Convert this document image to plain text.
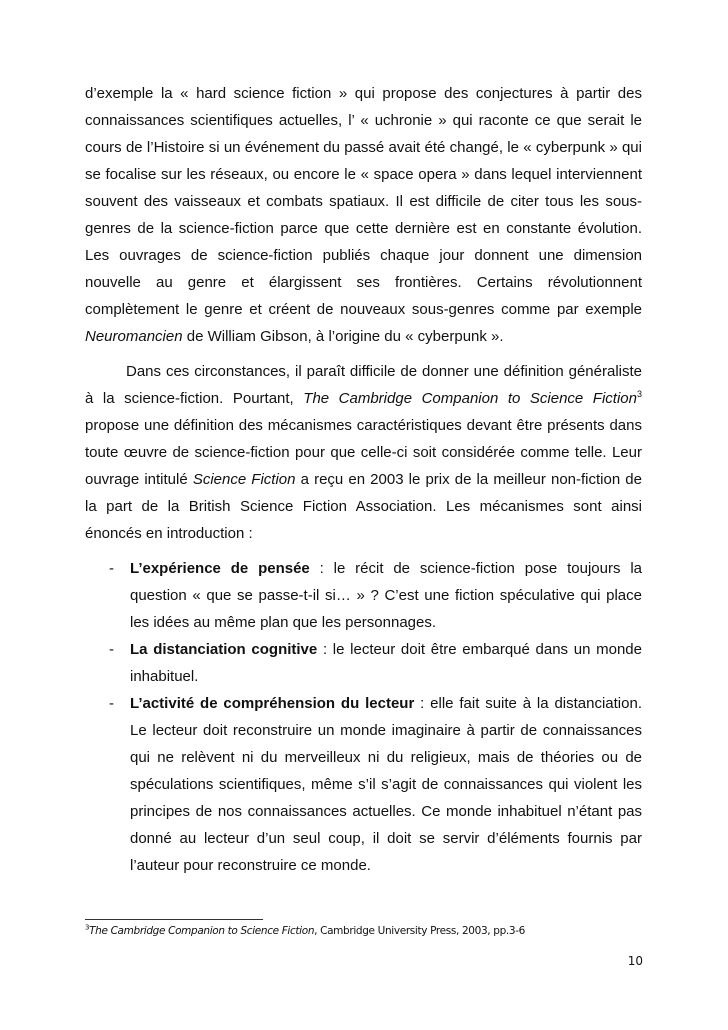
d’exemple la « hard science fiction » qui propose des conjectures à partir des connaissances scientifiques actuelles, l’ « uchronie » qui raconte ce que serait le cours de l’Histoire si un événement du passé avait été changé, le « cyberpunk » qui se focalise sur les réseaux, ou encore le « space opera » dans lequel interviennent souvent des vaisseaux et combats spatiaux. Il est difficile de citer tous les sous-genres de la science-fiction parce que cette dernière est en constante évolution. Les ouvrages de science-fiction publiés chaque jour donnent une dimension nouvelle au genre et élargissent ses frontières. Certains révolutionnent complètement le genre et créent de nouveaux sous-genres comme par exemple Neuromancien de William Gibson, à l’origine du « cyberpunk ».

Dans ces circonstances, il paraît difficile de donner une définition généraliste à la science-fiction. Pourtant, The Cambridge Companion to Science Fiction$^3$ propose une définition des mécanismes caractéristiques devant être présents dans toute œuvre de science-fiction pour que celle-ci soit considérée comme telle. Leur ouvrage intitulé Science Fiction a reçu en 2003 le prix de la meilleur non-fiction de la part de la British Science Fiction Association. Les mécanismes sont ainsi énoncés en introduction :

- L’expérience de pensée : le récit de science-fiction pose toujours la question « que se passe-t-il si… » ? C’est une fiction spéculative qui place les idées au même plan que les personnages.
- La distanciation cognitive : le lecteur doit être embarqué dans un monde inhabituel.
- L’activité de compréhension du lecteur : elle fait suite à la distanciation. Le lecteur doit reconstruire un monde imaginaire à partir de connaissances qui ne relèvent ni du merveilleux ni du religieux, mais de théories ou de spéculations scientifiques, même s’il s’agit de connaissances qui violent les principes de nos connaissances actuelles. Ce monde inhabituel n’étant pas donné au lecteur d’un seul coup, il doit se servir d’éléments fournis par l’auteur pour reconstruire ce monde.
$^3$The Cambridge Companion to Science Fiction, Cambridge University Press, 2003, pp.3-6
10
